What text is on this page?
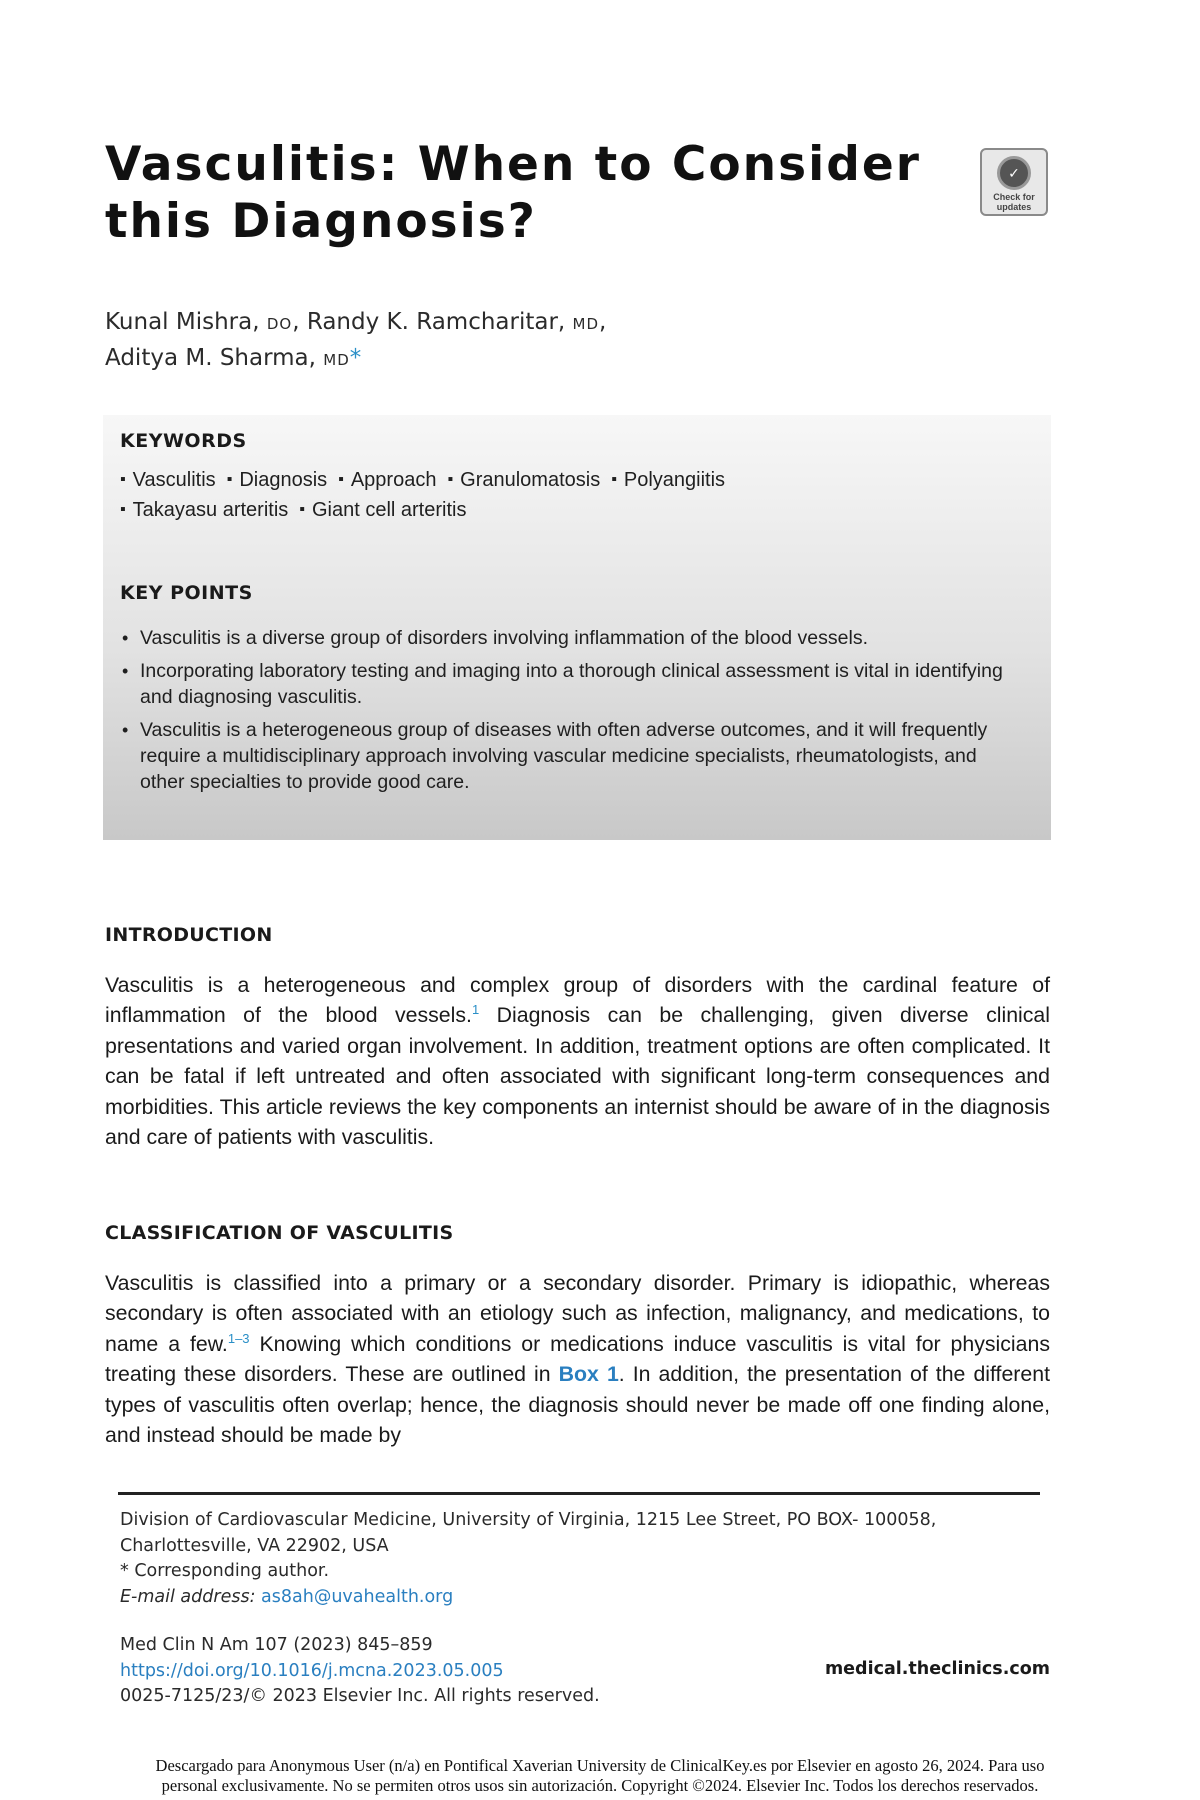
Vasculitis: When to Consider
this Diagnosis?
✓
Check for updates
Kunal Mishra, DO, Randy K. Ramcharitar, MD,
Aditya M. Sharma, MD*
KEYWORDS
▪ Vasculitis ▪ Diagnosis ▪ Approach ▪ Granulomatosis ▪ Polyangiitis
▪ Takayasu arteritis ▪ Giant cell arteritis
KEY POINTS
• Vasculitis is a diverse group of disorders involving inflammation of the blood vessels.
• Incorporating laboratory testing and imaging into a thorough clinical assessment is vital in identifying and diagnosing vasculitis.
• Vasculitis is a heterogeneous group of diseases with often adverse outcomes, and it will frequently require a multidisciplinary approach involving vascular medicine specialists, rheumatologists, and other specialties to provide good care.
INTRODUCTION

Vasculitis is a heterogeneous and complex group of disorders with the cardinal feature of inflammation of the blood vessels.$^1$ Diagnosis can be challenging, given diverse clinical presentations and varied organ involvement. In addition, treatment options are often complicated. It can be fatal if left untreated and often associated with significant long-term consequences and morbidities. This article reviews the key components an internist should be aware of in the diagnosis and care of patients with vasculitis.

CLASSIFICATION OF VASCULITIS

Vasculitis is classified into a primary or a secondary disorder. Primary is idiopathic, whereas secondary is often associated with an etiology such as infection, malignancy, and medications, to name a few.$^{1-3}$ Knowing which conditions or medications induce vasculitis is vital for physicians treating these disorders. These are outlined in Box 1. In addition, the presentation of the different types of vasculitis often overlap; hence, the diagnosis should never be made off one finding alone, and instead should be made by

Division of Cardiovascular Medicine, University of Virginia, 1215 Lee Street, PO BOX- 100058,
Charlottesville, VA 22902, USA
* Corresponding author.
E-mail address: as8ah@uvahealth.org
Med Clin N Am 107 (2023) 845–859
https://doi.org/10.1016/j.mcna.2023.05.005
0025-7125/23/© 2023 Elsevier Inc. All rights reserved.
medical.theclinics.com
Descargado para Anonymous User (n/a) en Pontifical Xaverian University de ClinicalKey.es por Elsevier en agosto 26, 2024. Para uso
personal exclusivamente. No se permiten otros usos sin autorización. Copyright ©2024. Elsevier Inc. Todos los derechos reservados.
